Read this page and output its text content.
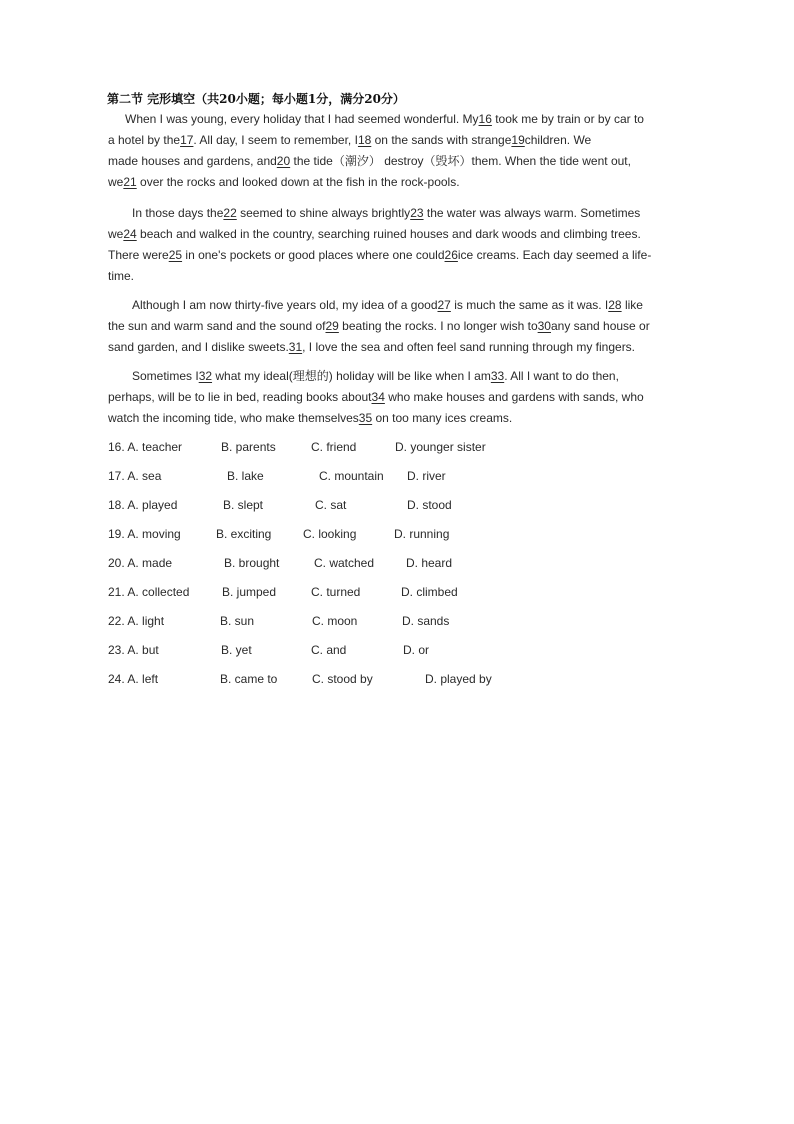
第二节 完形填空（共20小题；每小题1分，满分20分）
When I was young, every holiday that I had seemed wonderful. My16 took me by train or by car to
a hotel by the17. All day, I seem to remember, I18 on the sands with strange19children. We
made houses and gardens, and20 the tide（潮汐） destroy（毁坏）them. When the tide went out,
we21 over the rocks and looked down at the fish in the rock-pools.
In those days the22 seemed to shine always brightly23 the water was always warm. Sometimes
we24 beach and walked in the country, searching ruined houses and dark woods and climbing trees.
There were25 in one's pockets or good places where one could26ice creams. Each day seemed a life-
time.
Although I am now thirty-five years old, my idea of a good27 is much the same as it was. I28 like
the sun and warm sand and the sound of29 beating the rocks. I no longer wish to30any sand house or
sand garden, and I dislike sweets.31, I love the sea and often feel sand running through my fingers.
Sometimes I32 what my ideal(理想的) holiday will be like when I am33. All I want to do then,
perhaps, will be to lie in bed, reading books about34 who make houses and gardens with sands, who
watch the incoming tide, who make themselves35 on too many ices creams.
16. A. teacher	B. parents	C. friend	D. younger sister
17. A. sea	B. lake	C. mountain D. river
18. A. played	B. slept	C. sat	D. stood
19. A. moving	B. exciting	C. looking	D. running
20. A. made	B. brought	C. watched	D. heard
21. A. collected	B. jumped	C. turned	D. climbed
22. A. light	B. sun	C. moon	D. sands
23. A. but	B. yet	C. and	D. or
24. A. left	B. came to	C. stood by	D. played by
